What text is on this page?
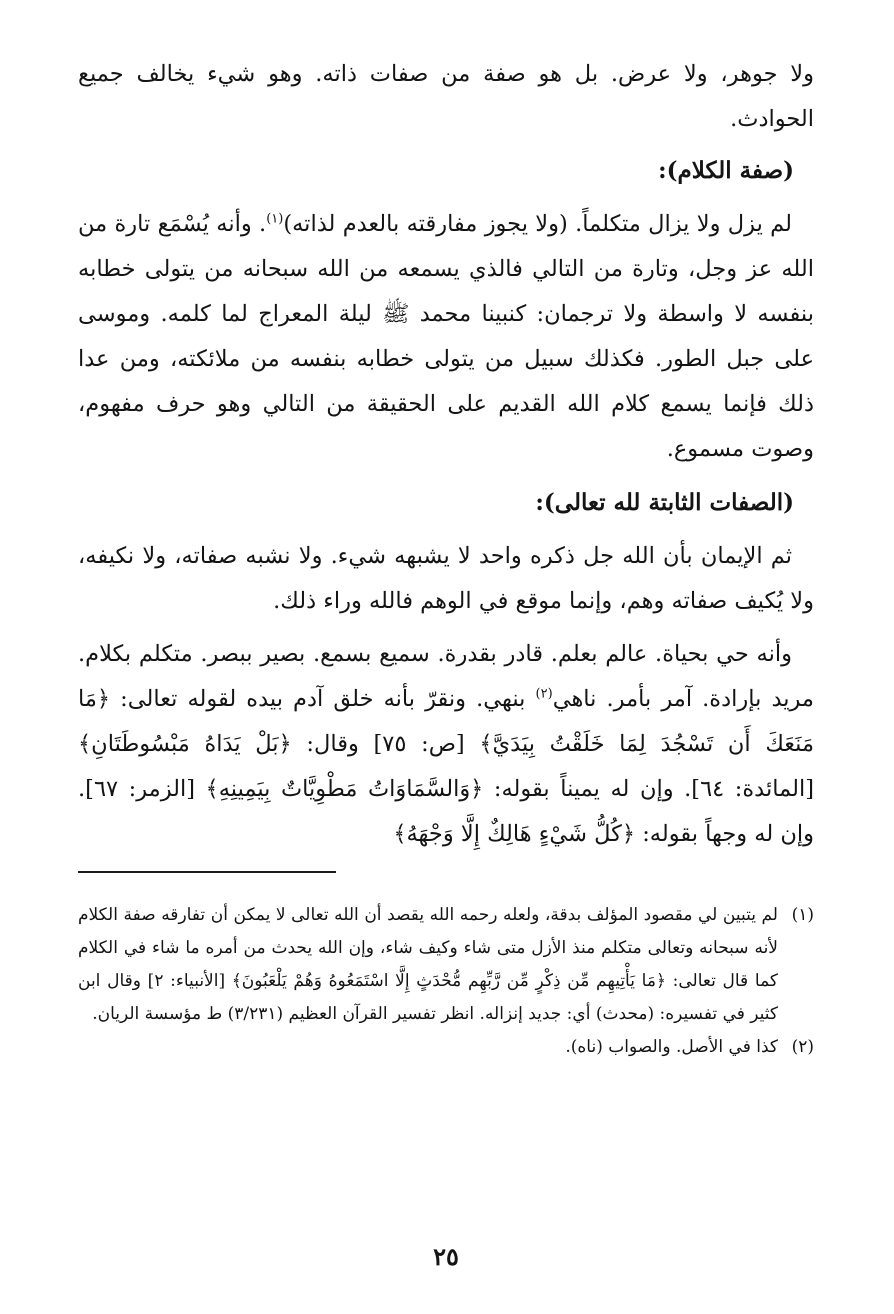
ولا جوهر، ولا عرض. بل هو صفة من صفات ذاته. وهو شيء يخالف جميع الحوادث.

(صفة الكلام):

لم يزل ولا يزال متكلماً. (ولا يجوز مفارقته بالعدم لذاته)$^{(١)}$. وأنه يُسْمَع تارة من الله عز وجل، وتارة من التالي فالذي يسمعه من الله سبحانه من يتولى خطابه بنفسه لا واسطة ولا ترجمان: كنبينا محمد ﷺ ليلة المعراج لما كلمه. وموسى على جبل الطور. فكذلك سبيل من يتولى خطابه بنفسه من ملائكته، ومن عدا ذلك فإنما يسمع كلام الله القديم على الحقيقة من التالي وهو حرف مفهوم، وصوت مسموع.

(الصفات الثابتة لله تعالى):

ثم الإيمان بأن الله جل ذكره واحد لا يشبهه شيء. ولا نشبه صفاته، ولا نكيفه، ولا يُكيف صفاته وهم، وإنما موقع في الوهم فالله وراء ذلك.

وأنه حي بحياة. عالم بعلم. قادر بقدرة. سميع بسمع. بصير ببصر. متكلم بكلام. مريد بإرادة. آمر بأمر. ناهي$^{(٢)}$ بنهي. ونقرّ بأنه خلق آدم بيده لقوله تعالى: ﴿مَا مَنَعَكَ أَن تَسْجُدَ لِمَا خَلَقْتُ بِيَدَيَّ﴾ [ص: ٧٥] وقال: ﴿بَلْ يَدَاهُ مَبْسُوطَتَانِ﴾ [المائدة: ٦٤]. وإن له يميناً بقوله: ﴿وَالسَّمَاوَاتُ مَطْوِيَّاتٌ بِيَمِينِهِ﴾ [الزمر: ٦٧]. وإن له وجهاً بقوله: ﴿كُلُّ شَيْءٍ هَالِكٌ إِلَّا وَجْهَهُ﴾

(١)
لم يتبين لي مقصود المؤلف بدقة، ولعله رحمه الله يقصد أن الله تعالى لا يمكن أن تفارقه صفة الكلام لأنه سبحانه وتعالى متكلم منذ الأزل متى شاء وكيف شاء، وإن الله يحدث من أمره ما شاء في الكلام كما قال تعالى: ﴿مَا يَأْتِيهِم مِّن ذِكْرٍ مِّن رَّبِّهِم مُّحْدَثٍ إِلَّا اسْتَمَعُوهُ وَهُمْ يَلْعَبُونَ﴾ [الأنبياء: ٢] وقال ابن كثير في تفسيره: (محدث) أي: جديد إنزاله. انظر تفسير القرآن العظيم (٣/٢٣١) ط مؤسسة الريان.
(٢)
كذا في الأصل. والصواب (ناه).
٢٥
